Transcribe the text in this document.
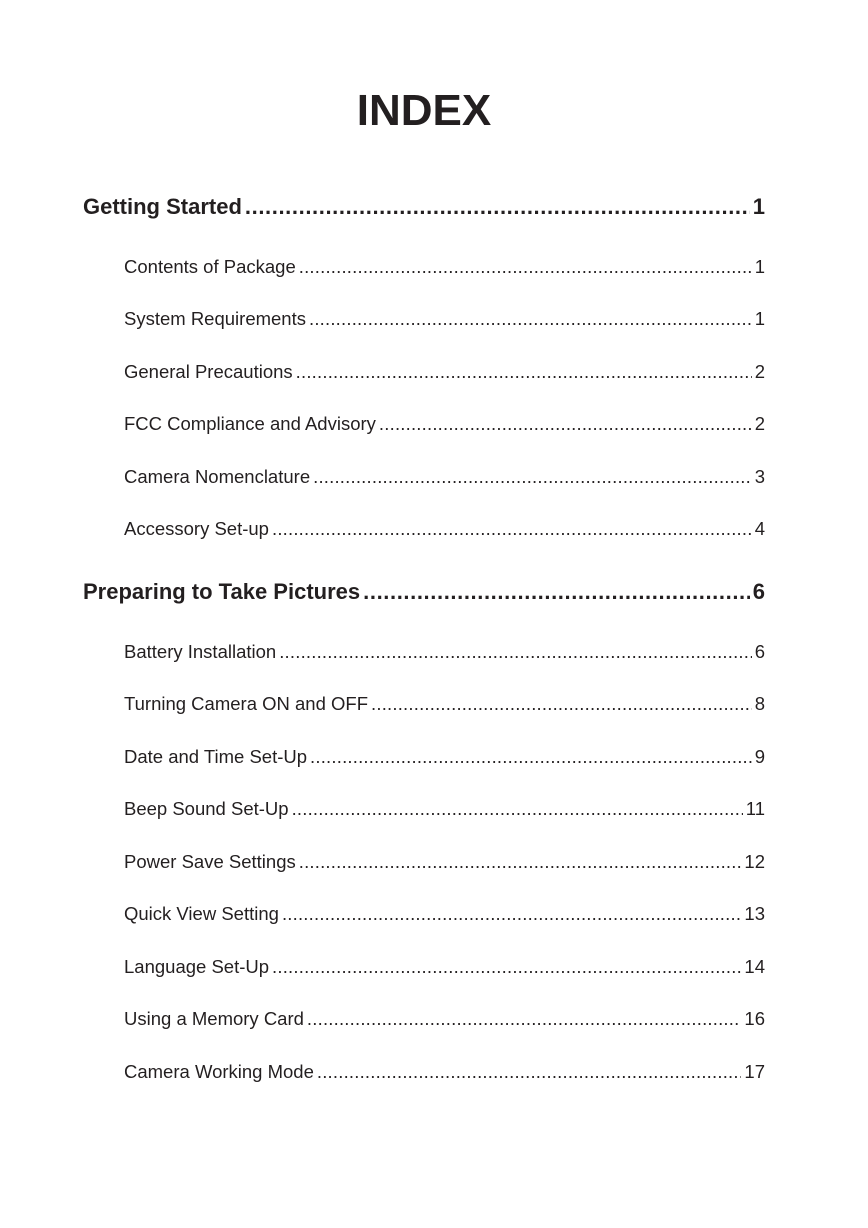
INDEX
Getting Started .....	1
Contents of Package .....	1
System Requirements .....	1
General Precautions .....	2
FCC Compliance and Advisory .....	2
Camera Nomenclature .....	3
Accessory Set-up .....	4
Preparing to Take Pictures .....	6
Battery Installation .....	6
Turning Camera ON and OFF .....	8
Date and Time Set-Up .....	9
Beep Sound Set-Up .....	11
Power Save Settings .....	12
Quick View Setting .....	13
Language Set-Up .....	14
Using a Memory Card .....	16
Camera Working Mode .....	17
